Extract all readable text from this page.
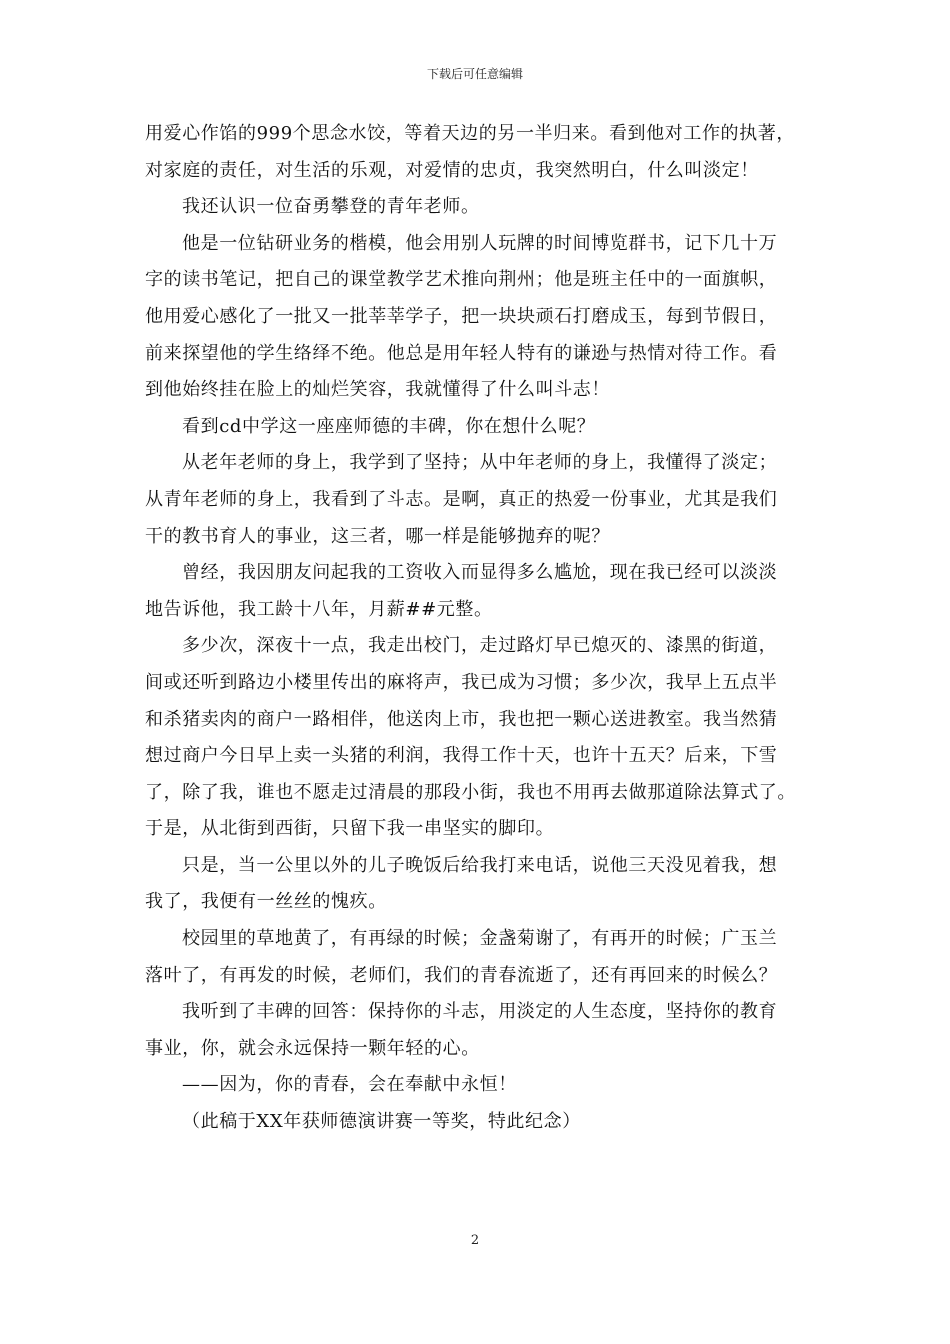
下载后可任意编辑
用爱心作馅的999个思念水饺，等着天边的另一半归来。看到他对工作的执著，
对家庭的责任，对生活的乐观，对爱情的忠贞，我突然明白，什么叫淡定！
我还认识一位奋勇攀登的青年老师。
他是一位钻研业务的楷模，他会用别人玩牌的时间博览群书，记下几十万
字的读书笔记，把自己的课堂教学艺术推向荆州；他是班主任中的一面旗帜，
他用爱心感化了一批又一批莘莘学子，把一块块顽石打磨成玉，每到节假日，
前来探望他的学生络绎不绝。他总是用年轻人特有的谦逊与热情对待工作。看
到他始终挂在脸上的灿烂笑容，我就懂得了什么叫斗志！
看到cd中学这一座座师德的丰碑，你在想什么呢？
从老年老师的身上，我学到了坚持；从中年老师的身上，我懂得了淡定；
从青年老师的身上，我看到了斗志。是啊，真正的热爱一份事业，尤其是我们
干的教书育人的事业，这三者，哪一样是能够抛弃的呢？
曾经，我因朋友问起我的工资收入而显得多么尴尬，现在我已经可以淡淡
地告诉他，我工龄十八年，月薪##元整。
多少次，深夜十一点，我走出校门，走过路灯早已熄灭的、漆黑的街道，
间或还听到路边小楼里传出的麻将声，我已成为习惯；多少次，我早上五点半
和杀猪卖肉的商户一路相伴，他送肉上市，我也把一颗心送进教室。我当然猜
想过商户今日早上卖一头猪的利润，我得工作十天，也许十五天？后来，下雪
了，除了我，谁也不愿走过清晨的那段小街，我也不用再去做那道除法算式了。
于是，从北街到西街，只留下我一串坚实的脚印。
只是，当一公里以外的儿子晚饭后给我打来电话，说他三天没见着我，想
我了，我便有一丝丝的愧疚。
校园里的草地黄了，有再绿的时候；金盏菊谢了，有再开的时候；广玉兰
落叶了，有再发的时候，老师们，我们的青春流逝了，还有再回来的时候么？
我听到了丰碑的回答：保持你的斗志，用淡定的人生态度，坚持你的教育
事业，你，就会永远保持一颗年轻的心。
——因为，你的青春，会在奉献中永恒！
（此稿于XX年获师德演讲赛一等奖，特此纪念）
2
